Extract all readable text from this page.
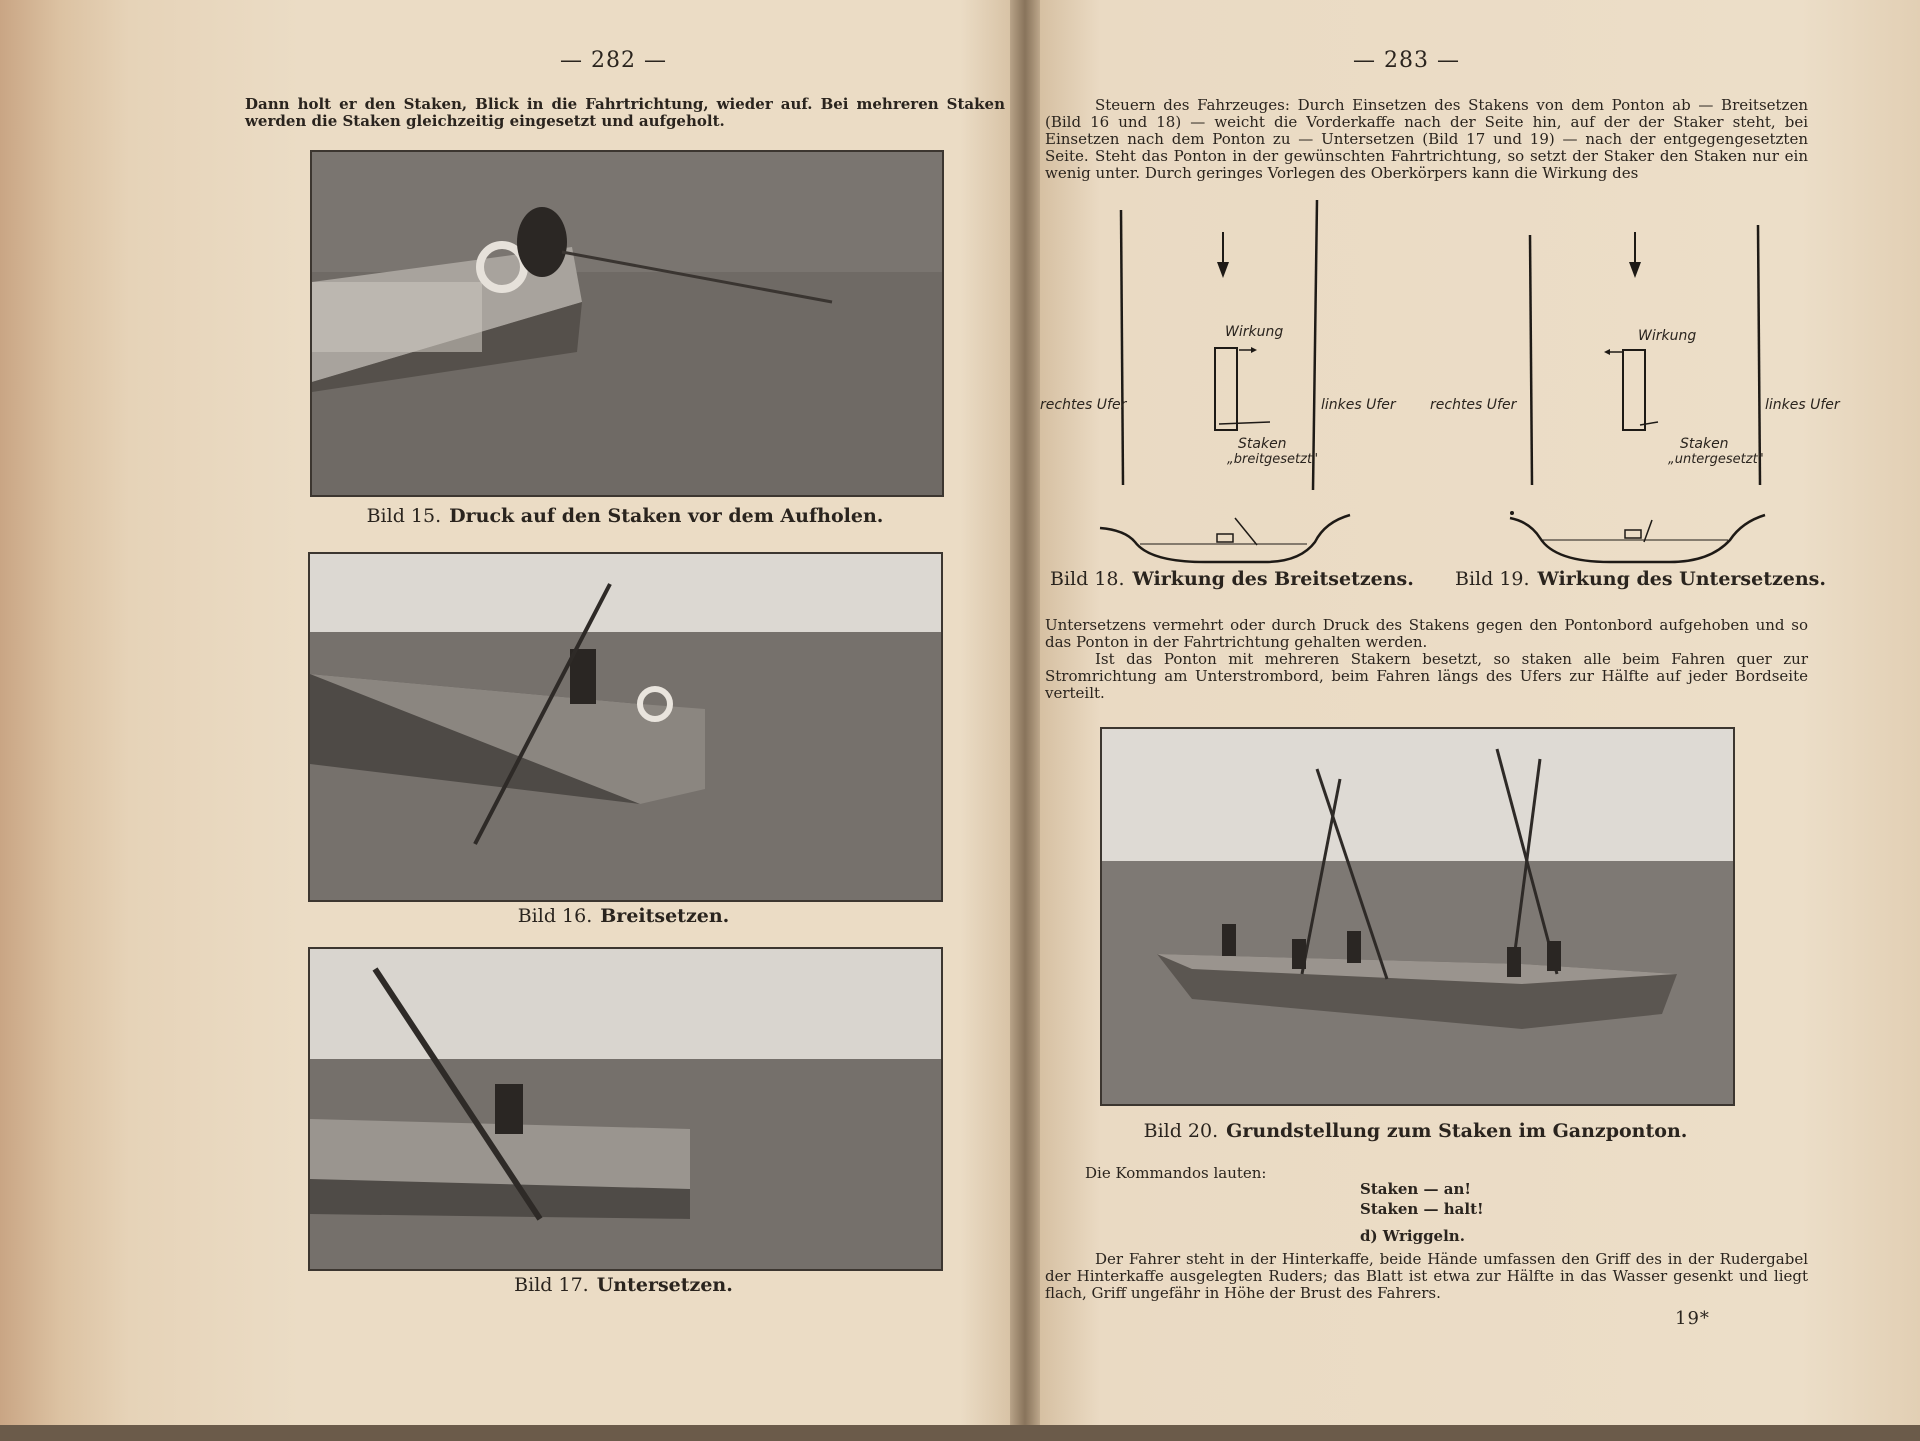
— 282 —

Dann holt er den Staken, Blick in die Fahrtrichtung, wieder auf. Bei mehreren Staken werden die Staken gleichzeitig eingesetzt und aufgeholt.

Bild 15. Druck auf den Staken vor dem Aufholen.
Bild 16. Breitsetzen.
Bild 17. Untersetzen.
— 283 —

Steuern des Fahrzeuges: Durch Einsetzen des Stakens von dem Ponton ab — Breitsetzen (Bild 16 und 18) — weicht die Vorderkaffe nach der Seite hin, auf der der Staker steht, bei Einsetzen nach dem Ponton zu — Untersetzen (Bild 17 und 19) — nach der entgegengesetzten Seite. Steht das Ponton in der gewünschten Fahrtrichtung, so setzt der Staker den Staken nur ein wenig unter. Durch geringes Vorlegen des Oberkörpers kann die Wirkung des

Wirkung
rechtes Ufer	linkes Ufer
Staken
„breitgesetzt"
Bild 18. Wirkung des Breitsetzens.
Wirkung
rechtes Ufer	linkes Ufer
Staken
„untergesetzt"
Bild 19. Wirkung des Untersetzens.

Untersetzens vermehrt oder durch Druck des Stakens gegen den Pontonbord aufgehoben und so das Ponton in der Fahrtrichtung gehalten werden.

Ist das Ponton mit mehreren Stakern besetzt, so staken alle beim Fahren quer zur Stromrichtung am Unterstrombord, beim Fahren längs des Ufers zur Hälfte auf jeder Bordseite verteilt.

Bild 20. Grundstellung zum Staken im Ganzponton.
Die Kommandos lauten:
Staken — an!
Staken — halt!
d) Wriggeln.

Der Fahrer steht in der Hinterkaffe, beide Hände umfassen den Griff des in der Rudergabel der Hinterkaffe ausgelegten Ruders; das Blatt ist etwa zur Hälfte in das Wasser gesenkt und liegt flach, Griff ungefähr in Höhe der Brust des Fahrers.

19*
